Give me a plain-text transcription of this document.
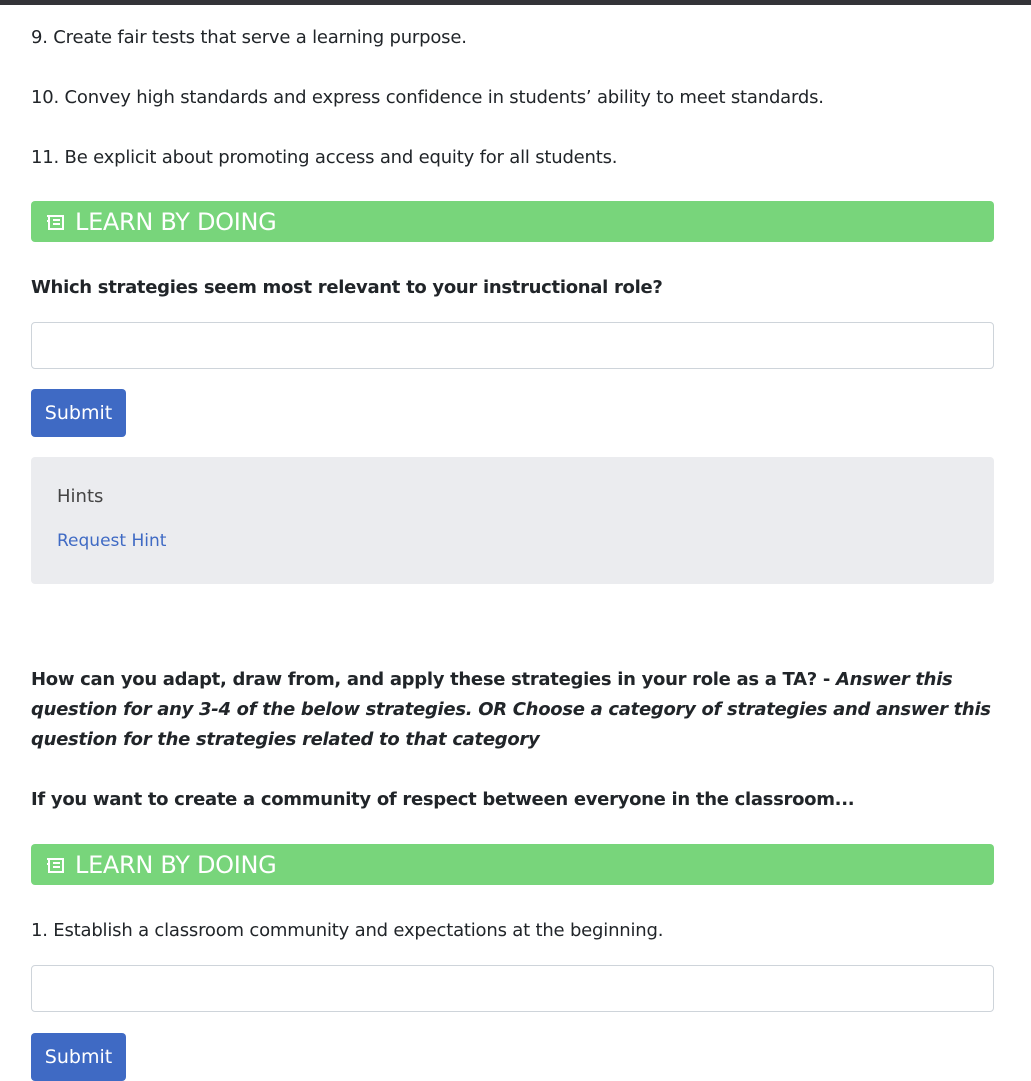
9. Create fair tests that serve a learning purpose.

10. Convey high standards and express confidence in students’ ability to meet standards.

11. Be explicit about promoting access and equity for all students.

LEARN BY DOING
Which strategies seem most relevant to your instructional role?
Submit
Hints
Request Hint
How can you adapt, draw from, and apply these strategies in your role as a TA? - Answer this question for any 3-4 of the below strategies. OR Choose a category of strategies and answer this question for the strategies related to that category
If you want to create a community of respect between everyone in the classroom...
LEARN BY DOING

1. Establish a classroom community and expectations at the beginning.

Submit
